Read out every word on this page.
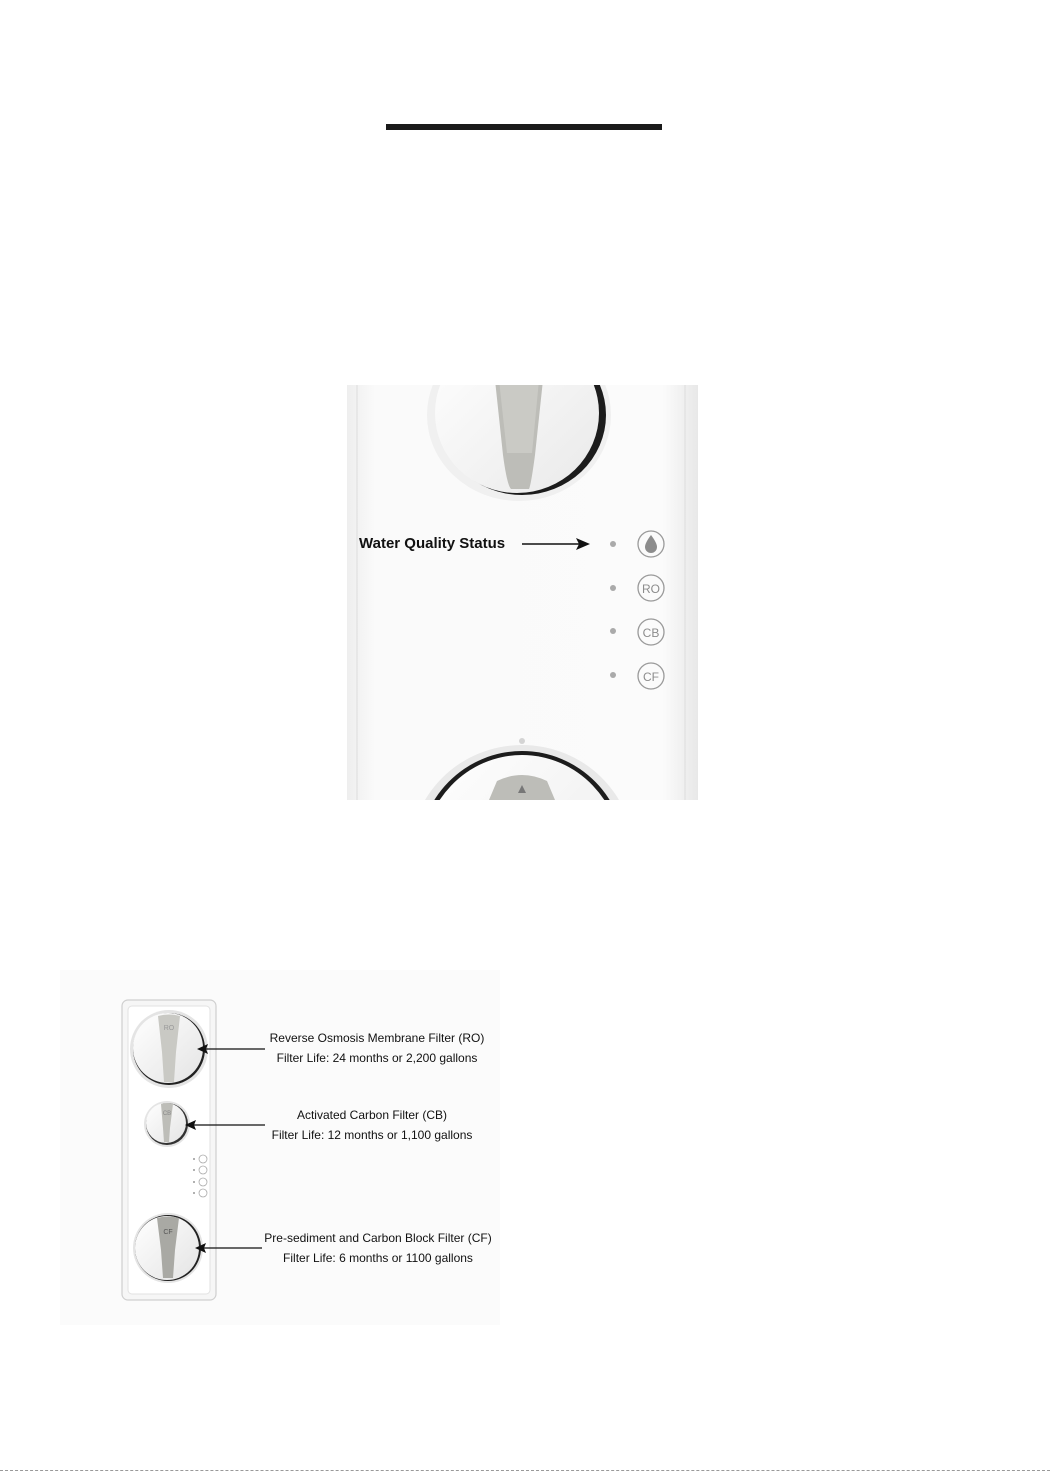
Water Quality Status
RO
CB
CF
RO
CB
CF
Reverse Osmosis Membrane Filter (RO)
Filter Life: 24 months or 2,200 gallons
Activated Carbon Filter (CB)
Filter Life: 12 months or 1,100 gallons
Pre-sediment and Carbon Block Filter (CF)
Filter Life: 6 months or 1100 gallons
